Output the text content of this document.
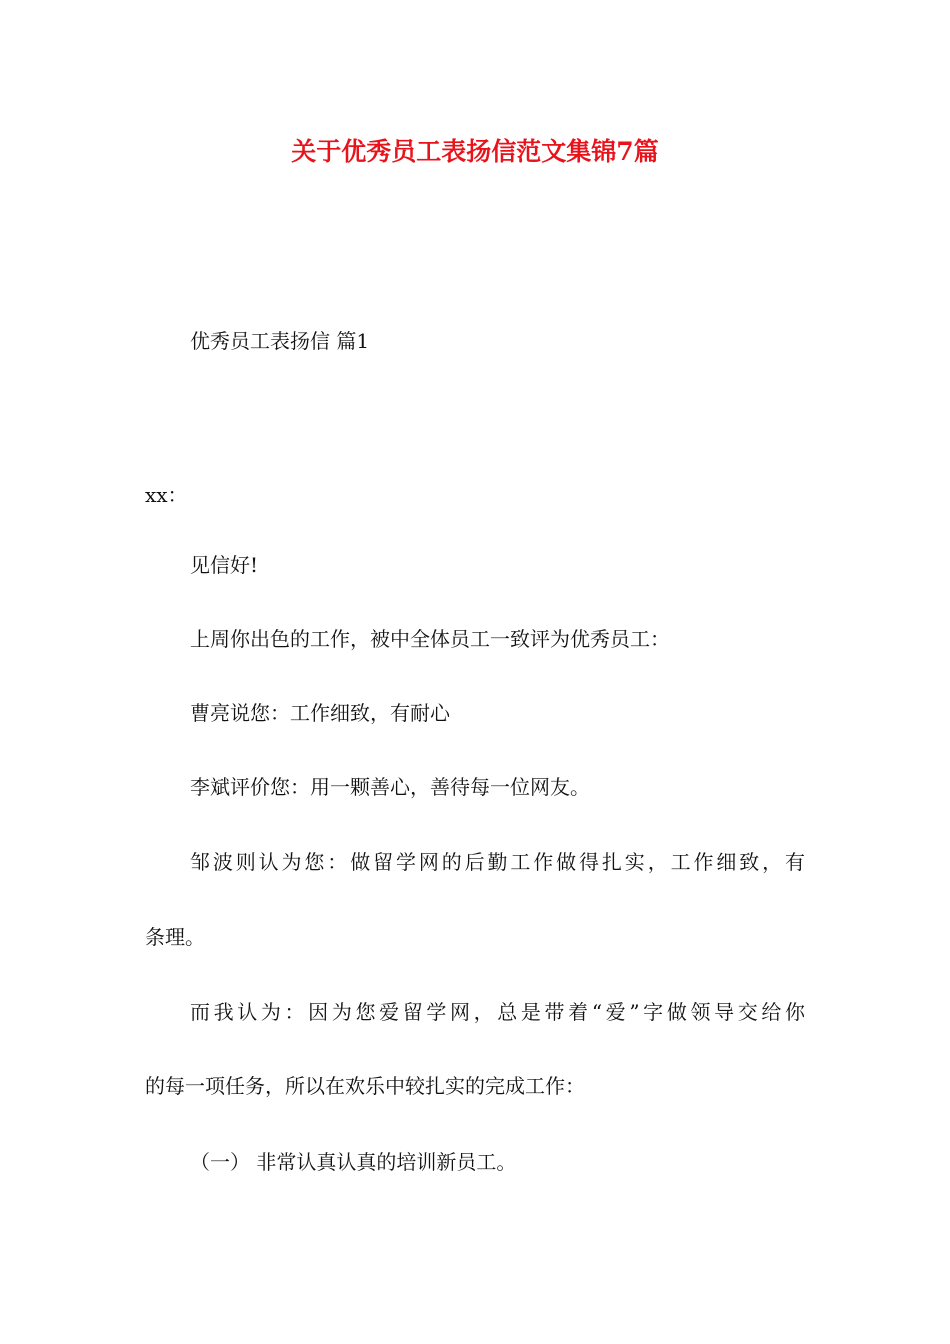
关于优秀员工表扬信范文集锦7篇
优秀员工表扬信 篇1
xx：
见信好!
上周你出色的工作，被中全体员工一致评为优秀员工：
曹亮说您：工作细致，有耐心
李斌评价您：用一颗善心，善待每一位网友。
邹波则认为您：做留学网的后勤工作做得扎实，工作细致，有
条理。
而我认为：因为您爱留学网，总是带着“爱”字做领导交给你
的每一项任务，所以在欢乐中较扎实的完成工作：
（一） 非常认真认真的培训新员工。
